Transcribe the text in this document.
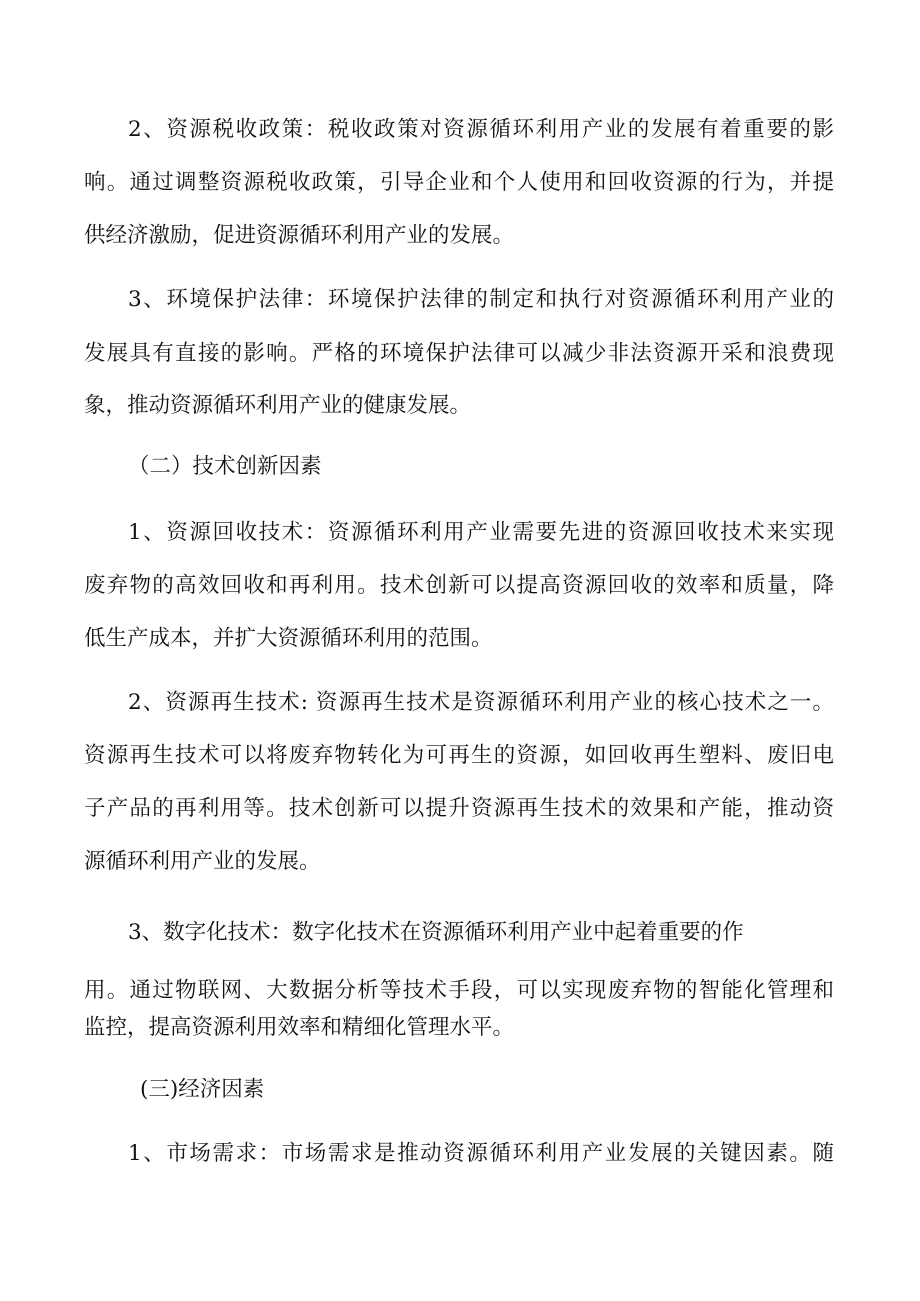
2、资源税收政策：税收政策对资源循环利用产业的发展有着重要的影
响。通过调整资源税收政策，引导企业和个人使用和回收资源的行为，并提
供经济激励，促进资源循环利用产业的发展。
3、环境保护法律：环境保护法律的制定和执行对资源循环利用产业的
发展具有直接的影响。严格的环境保护法律可以减少非法资源开采和浪费现
象，推动资源循环利用产业的健康发展。
（二）技术创新因素
1、资源回收技术：资源循环利用产业需要先进的资源回收技术来实现
废弃物的高效回收和再利用。技术创新可以提高资源回收的效率和质量，降
低生产成本，并扩大资源循环利用的范围。
2、资源再生技术: 资源再生技术是资源循环利用产业的核心技术之一。
资源再生技术可以将废弃物转化为可再生的资源，如回收再生塑料、废旧电
子产品的再利用等。技术创新可以提升资源再生技术的效果和产能，推动资
源循环利用产业的发展。
3、数字化技术：数字化技术在资源循环利用产业中起着重要的作
用。通过物联网、大数据分析等技术手段，可以实现废弃物的智能化管理和
监控，提高资源利用效率和精细化管理水平。
(三)经济因素
1、市场需求：市场需求是推动资源循环利用产业发展的关键因素。随
